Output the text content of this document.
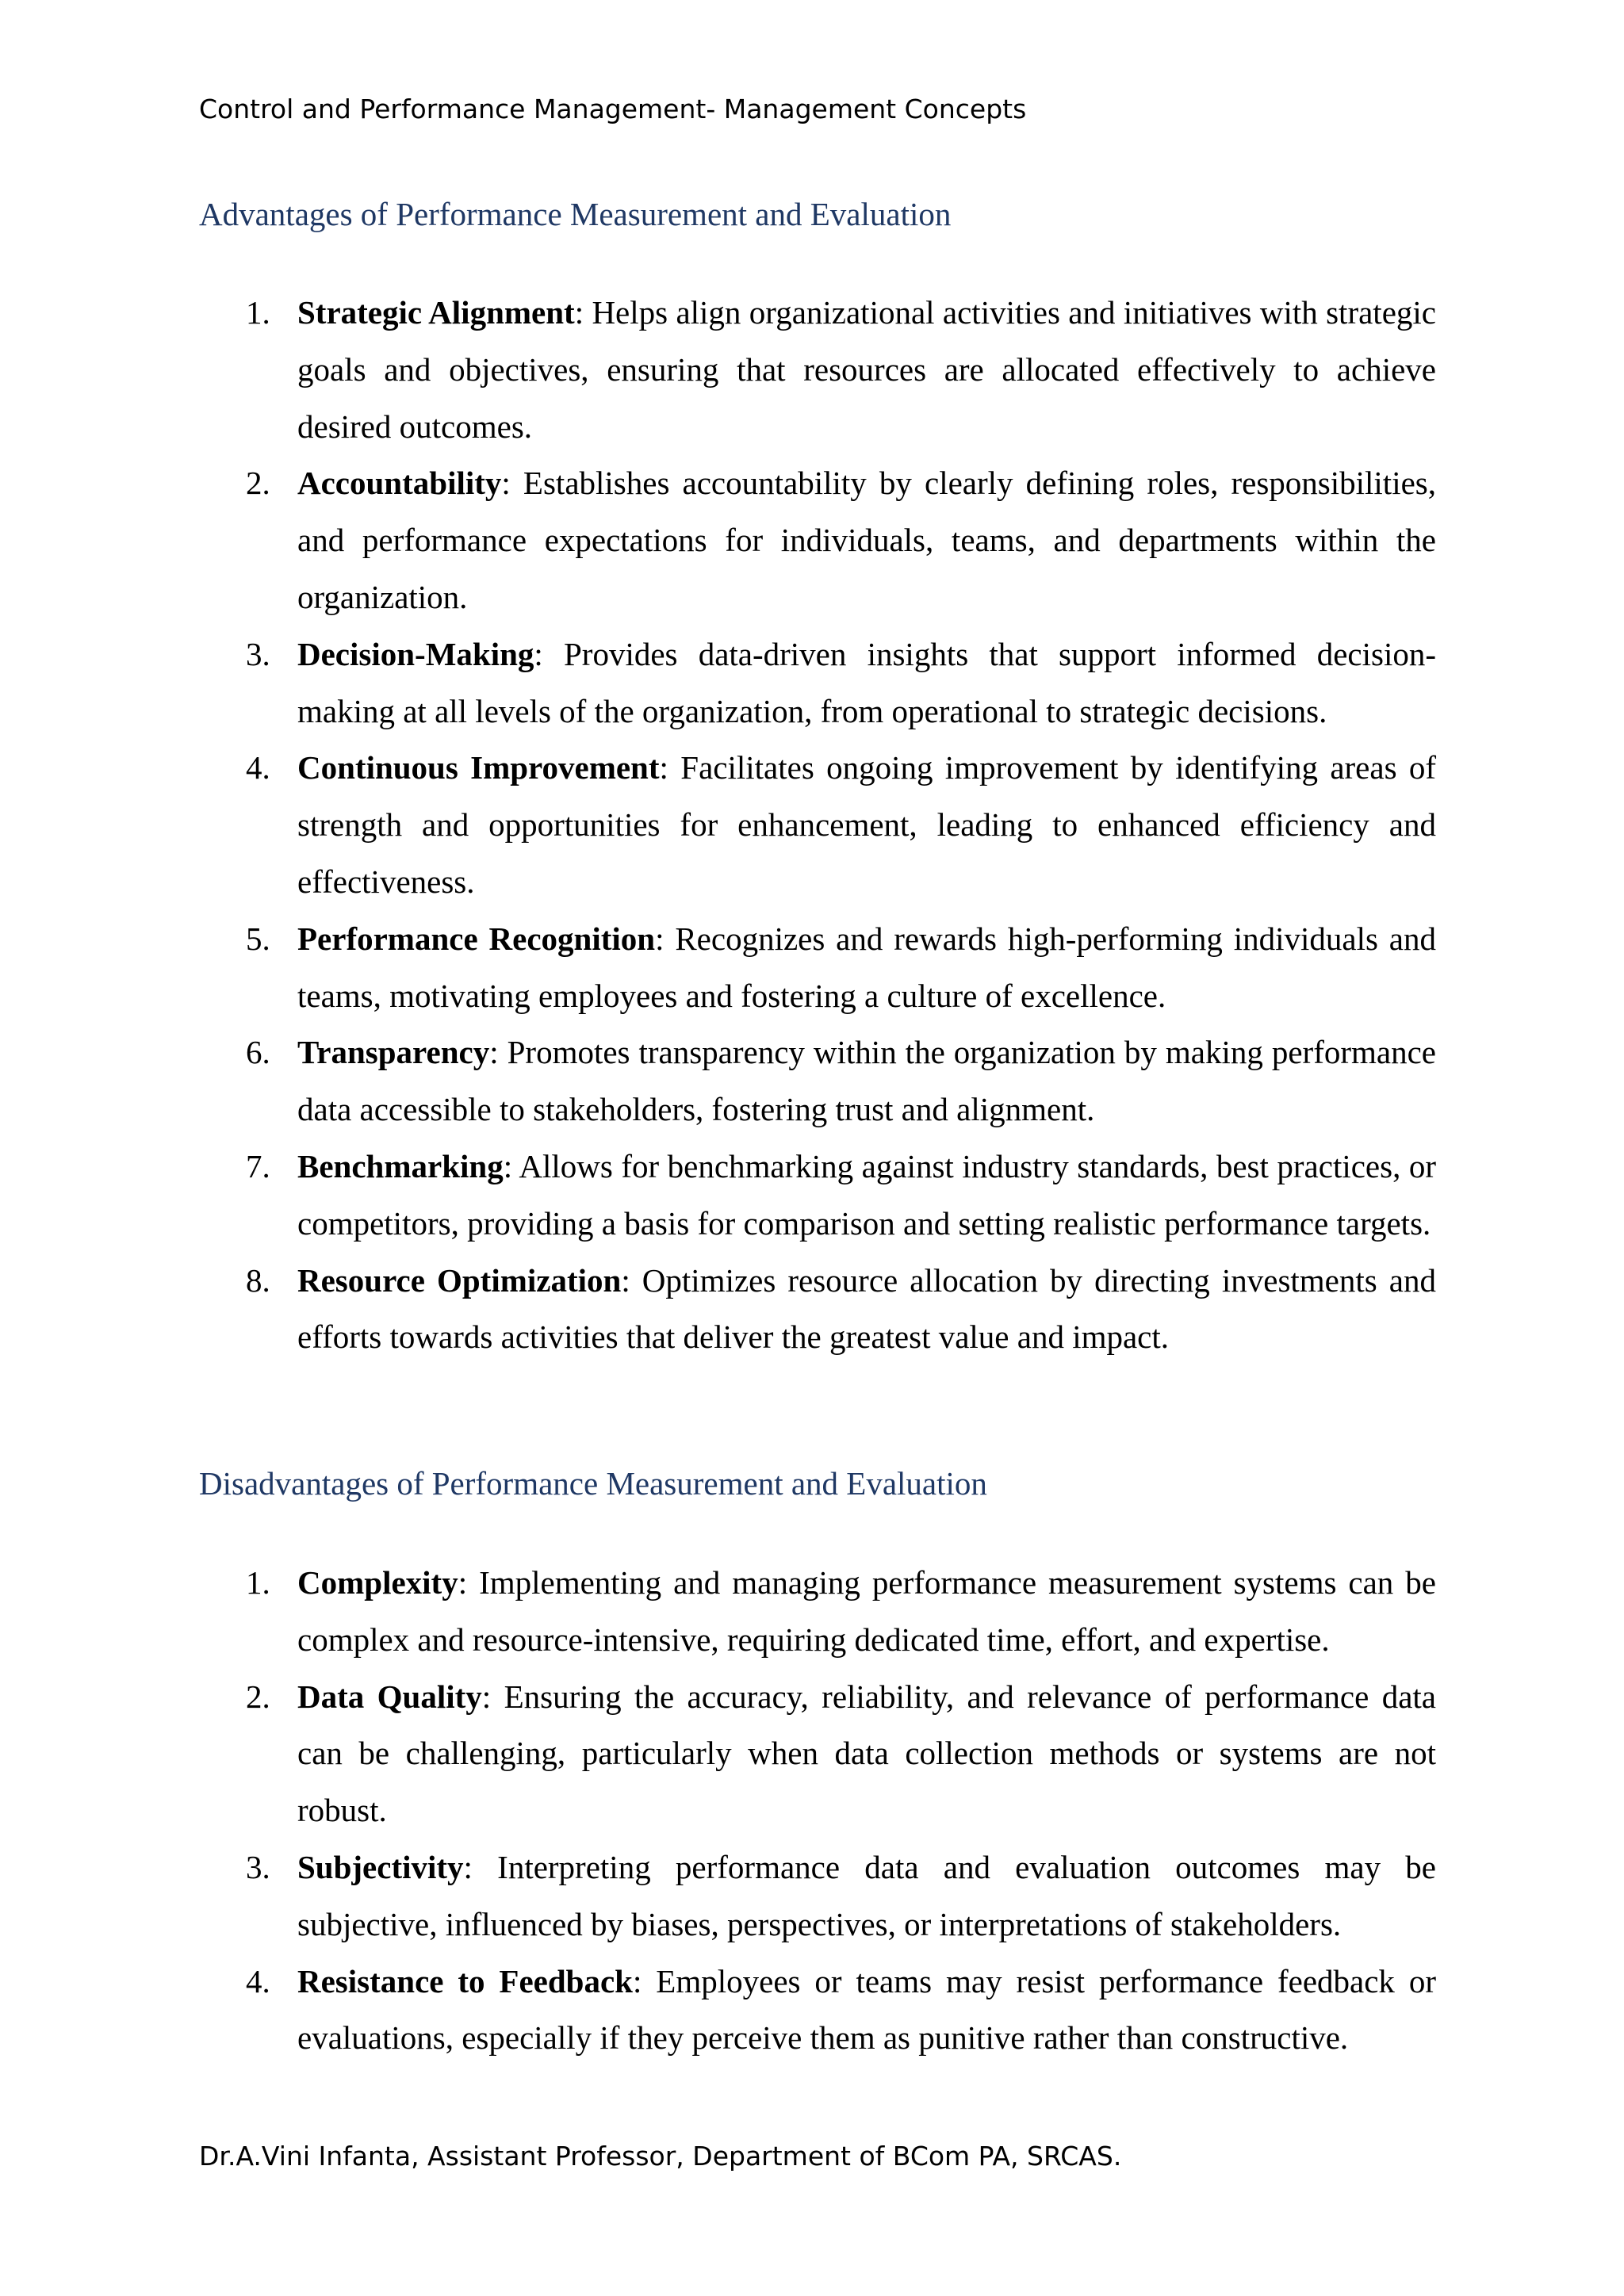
Control and Performance Management- Management Concepts
Advantages of Performance Measurement and Evaluation
1. Strategic Alignment: Helps align organizational activities and initiatives with strategic goals and objectives, ensuring that resources are allocated effectively to achieve desired outcomes.
2. Accountability: Establishes accountability by clearly defining roles, responsibilities, and performance expectations for individuals, teams, and departments within the organization.
3. Decision-Making: Provides data-driven insights that support informed decision-making at all levels of the organization, from operational to strategic decisions.
4. Continuous Improvement: Facilitates ongoing improvement by identifying areas of strength and opportunities for enhancement, leading to enhanced efficiency and effectiveness.
5. Performance Recognition: Recognizes and rewards high-performing individuals and teams, motivating employees and fostering a culture of excellence.
6. Transparency: Promotes transparency within the organization by making performance data accessible to stakeholders, fostering trust and alignment.
7. Benchmarking: Allows for benchmarking against industry standards, best practices, or competitors, providing a basis for comparison and setting realistic performance targets.
8. Resource Optimization: Optimizes resource allocation by directing investments and efforts towards activities that deliver the greatest value and impact.
Disadvantages of Performance Measurement and Evaluation
1. Complexity: Implementing and managing performance measurement systems can be complex and resource-intensive, requiring dedicated time, effort, and expertise.
2. Data Quality: Ensuring the accuracy, reliability, and relevance of performance data can be challenging, particularly when data collection methods or systems are not robust.
3. Subjectivity: Interpreting performance data and evaluation outcomes may be subjective, influenced by biases, perspectives, or interpretations of stakeholders.
4. Resistance to Feedback: Employees or teams may resist performance feedback or evaluations, especially if they perceive them as punitive rather than constructive.
Dr.A.Vini Infanta, Assistant Professor, Department of BCom PA, SRCAS.
